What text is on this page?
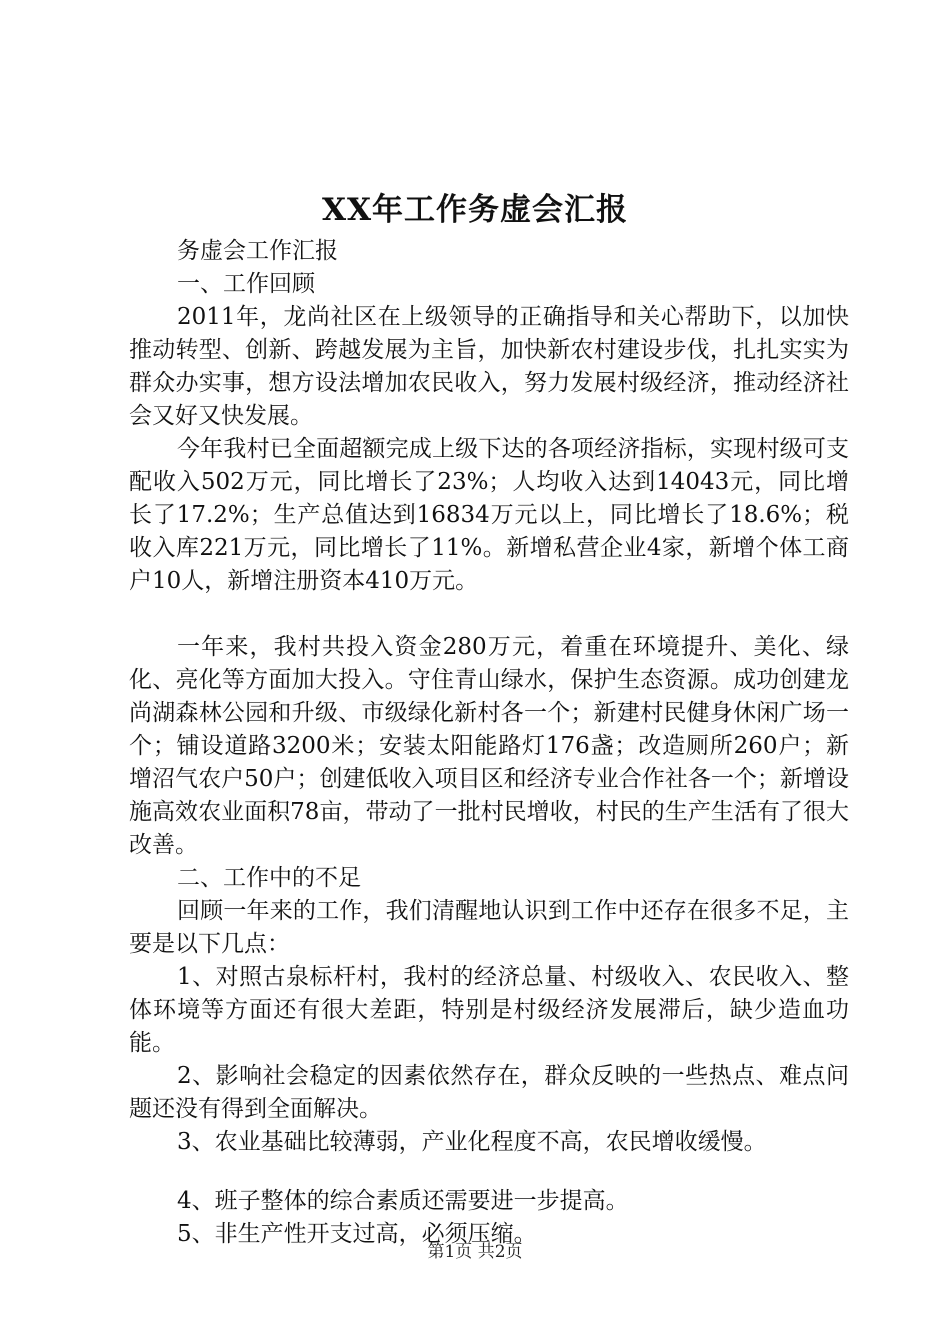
XX年工作务虚会汇报

务虚会工作汇报

一、工作回顾

2011年，龙尚社区在上级领导的正确指导和关心帮助下，以加快推动转型、创新、跨越发展为主旨，加快新农村建设步伐，扎扎实实为群众办实事，想方设法增加农民收入，努力发展村级经济，推动经济社会又好又快发展。

今年我村已全面超额完成上级下达的各项经济指标，实现村级可支配收入502万元，同比增长了23%；人均收入达到14043元，同比增长了17.2%；生产总值达到16834万元以上，同比增长了18.6%；税收入库221万元，同比增长了11%。新增私营企业4家，新增个体工商户10人，新增注册资本410万元。

一年来，我村共投入资金280万元，着重在环境提升、美化、绿化、亮化等方面加大投入。守住青山绿水，保护生态资源。成功创建龙尚湖森林公园和升级、市级绿化新村各一个；新建村民健身休闲广场一个；铺设道路3200米；安装太阳能路灯176盏；改造厕所260户；新增沼气农户50户；创建低收入项目区和经济专业合作社各一个；新增设施高效农业面积78亩，带动了一批村民增收，村民的生产生活有了很大改善。

二、工作中的不足

回顾一年来的工作，我们清醒地认识到工作中还存在很多不足，主要是以下几点：

1、对照古泉标杆村，我村的经济总量、村级收入、农民收入、整体环境等方面还有很大差距，特别是村级经济发展滞后，缺少造血功能。

2、影响社会稳定的因素依然存在，群众反映的一些热点、难点问题还没有得到全面解决。

3、农业基础比较薄弱，产业化程度不高，农民增收缓慢。

4、班子整体的综合素质还需要进一步提高。

5、非生产性开支过高，必须压缩。

第1页 共2页
